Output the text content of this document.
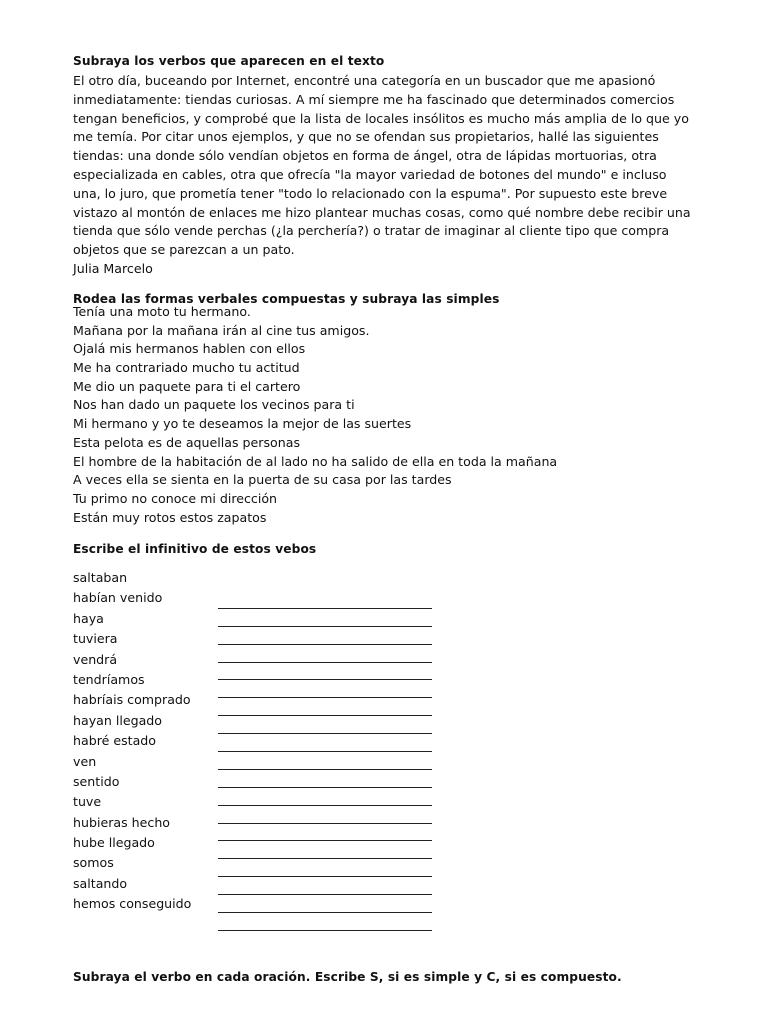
Subraya los verbos que aparecen en el texto
El otro día, buceando por Internet, encontré una categoría en un buscador que me apasionó
inmediatamente: tiendas curiosas. A mí siempre me ha fascinado que determinados comercios
tengan beneficios, y comprobé que la lista de locales insólitos es mucho más amplia de lo que yo
me temía. Por citar unos ejemplos, y que no se ofendan sus propietarios, hallé las siguientes
tiendas: una donde sólo vendían objetos en forma de ángel, otra de lápidas mortuorias, otra
especializada en cables, otra que ofrecía "la mayor variedad de botones del mundo" e incluso
una, lo juro, que prometía tener "todo lo relacionado con la espuma". Por supuesto este breve
vistazo al montón de enlaces me hizo plantear muchas cosas, como qué nombre debe recibir una
tienda que sólo vende perchas (¿la perchería?) o tratar de imaginar al cliente tipo que compra
objetos que se parezcan a un pato.
Julia Marcelo
Rodea las formas verbales compuestas y subraya las simples
Tenía una moto tu hermano.
Mañana por la mañana irán al cine tus amigos.
Ojalá mis hermanos hablen con ellos
Me ha contrariado mucho tu actitud
Me dio un paquete para ti el cartero
Nos han dado un paquete los vecinos para ti
Mi hermano y yo te deseamos la mejor de las suertes
Esta pelota es de aquellas personas
El hombre de la habitación de al lado no ha salido de ella en toda la mañana
A veces ella se sienta en la puerta de su casa por las tardes
Tu primo no conoce mi dirección
Están muy rotos estos zapatos
Escribe el infinitivo de estos vebos
saltaban
habían venido
haya
tuviera
vendrá
tendríamos
habríais comprado
hayan llegado
habré estado
ven
sentido
tuve
hubieras hecho
hube llegado
somos
saltando
hemos conseguido
Subraya el verbo en cada oración. Escribe S, si es simple y C, si es compuesto.
